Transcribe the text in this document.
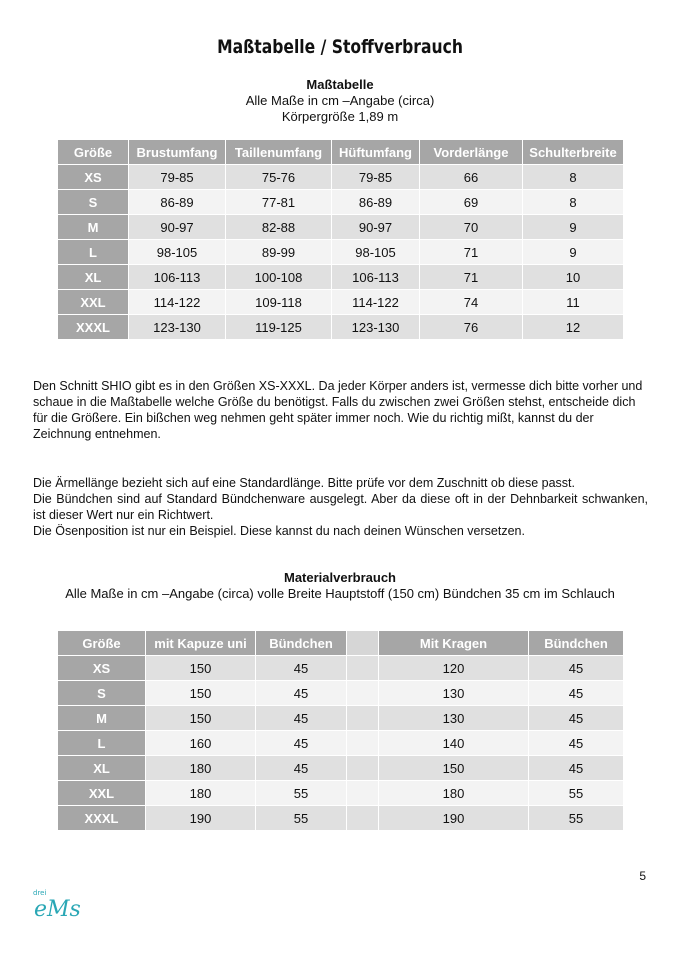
Maßtabelle / Stoffverbrauch
Maßtabelle
Alle Maße in cm –Angabe (circa)
Körpergröße 1,89 m
Größe	Brustumfang	Taillenumfang	Hüftumfang	Vorderlänge	Schulterbreite
XS	79-85	75-76	79-85	66	8
S	86-89	77-81	86-89	69	8
M	90-97	82-88	90-97	70	9
L	98-105	89-99	98-105	71	9
XL	106-113	100-108	106-113	71	10
XXL	114-122	109-118	114-122	74	11
XXXL	123-130	119-125	123-130	76	12

Den Schnitt SHIO gibt es in den Größen XS-XXXL. Da jeder Körper anders ist, vermesse dich bitte vorher und schaue in die Maßtabelle welche Größe du benötigst. Falls du zwischen zwei Größen stehst, entscheide dich für die Größere. Ein bißchen weg nehmen geht später immer noch. Wie du richtig mißt, kannst du der Zeichnung entnehmen.

Die Ärmellänge bezieht sich auf eine Standardlänge. Bitte prüfe vor dem Zuschnitt ob diese passt.

Die Bündchen sind auf Standard Bündchenware ausgelegt. Aber da diese oft in der Dehnbarkeit schwanken, ist dieser Wert nur ein Richtwert.

Die Ösenposition ist nur ein Beispiel. Diese kannst du nach deinen Wünschen versetzen.

Materialverbrauch
Alle Maße in cm –Angabe (circa) volle Breite Hauptstoff (150 cm) Bündchen 35 cm im Schlauch
Größe	mit Kapuze uni	Bündchen		Mit Kragen	Bündchen
XS	150	45		120	45
S	150	45		130	45
M	150	45		130	45
L	160	45		140	45
XL	180	45		150	45
XXL	180	55		180	55
XXXL	190	55		190	55
5
drei
eMs
